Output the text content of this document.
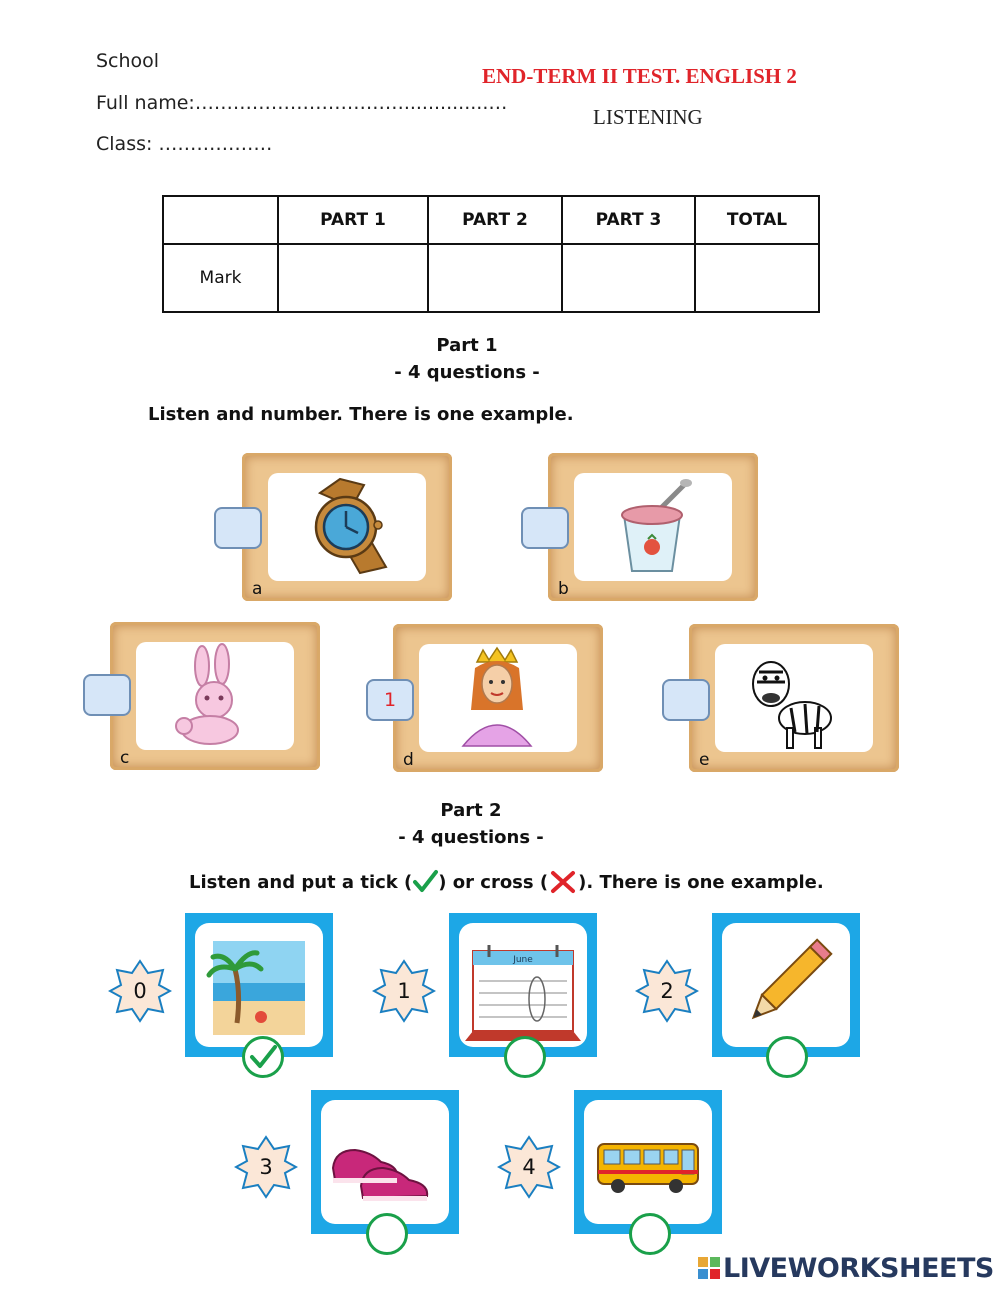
School
Full name:……………………………..............…
Class: ………………
END-TERM II TEST. ENGLISH 2
LISTENING
	PART 1	PART 2	PART 3	TOTAL
Mark				
Part 1
- 4 questions -
Listen and number. There is one example.
a	b
c	d
1
e
Part 2
- 4 questions -
Listen and put a tick ( ) or cross ( ). There is one example.
0	1
June
2
3	4
LIVEWORKSHEETS
